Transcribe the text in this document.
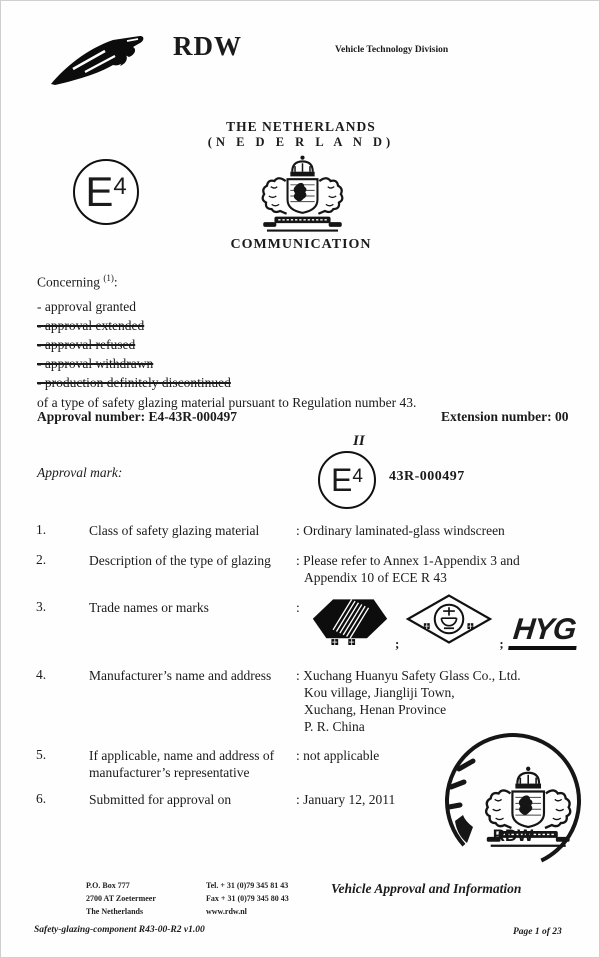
RDW	Vehicle Technology Division
THE NETHERLANDS
(N E D E R L A N D)
COMMUNICATION
E 4
Concerning $^{(1)}$:
- approval granted
- approval extended
- approval refused
- approval withdrawn
- production definitely discontinued
of a type of safety glazing material pursuant to Regulation number 43.
Approval number: E4-43R-000497	Extension number: 00
Approval mark:
II
E 4 43R-000497
1.	Class of safety glazing material	: Ordinary laminated-glass windscreen
2.	Description of the type of glazing	: Please refer to Annex 1-Appendix 3 and
Appendix 10 of ECE R 43
3.	Trade names or marks	:
;	; HYG
4.	Manufacturer’s name and address	: Xuchang Huanyu Safety Glass Co., Ltd.
Kou village, Jiangliji Town,
Xuchang, Henan Province
P. R. China
5.	If applicable, name and address of
manufacturer’s representative
: not applicable
6.	Submitted for approval on	: January 12, 2011
RDW
P.O. Box 777
2700 AT Zoetermeer
The Netherlands
Tel. + 31 (0)79 345 81 43
Fax + 31 (0)79 345 80 43
www.rdw.nl
Vehicle Approval and Information
Safety-glazing-component R43-00-R2 v1.00	Page 1 of 23
